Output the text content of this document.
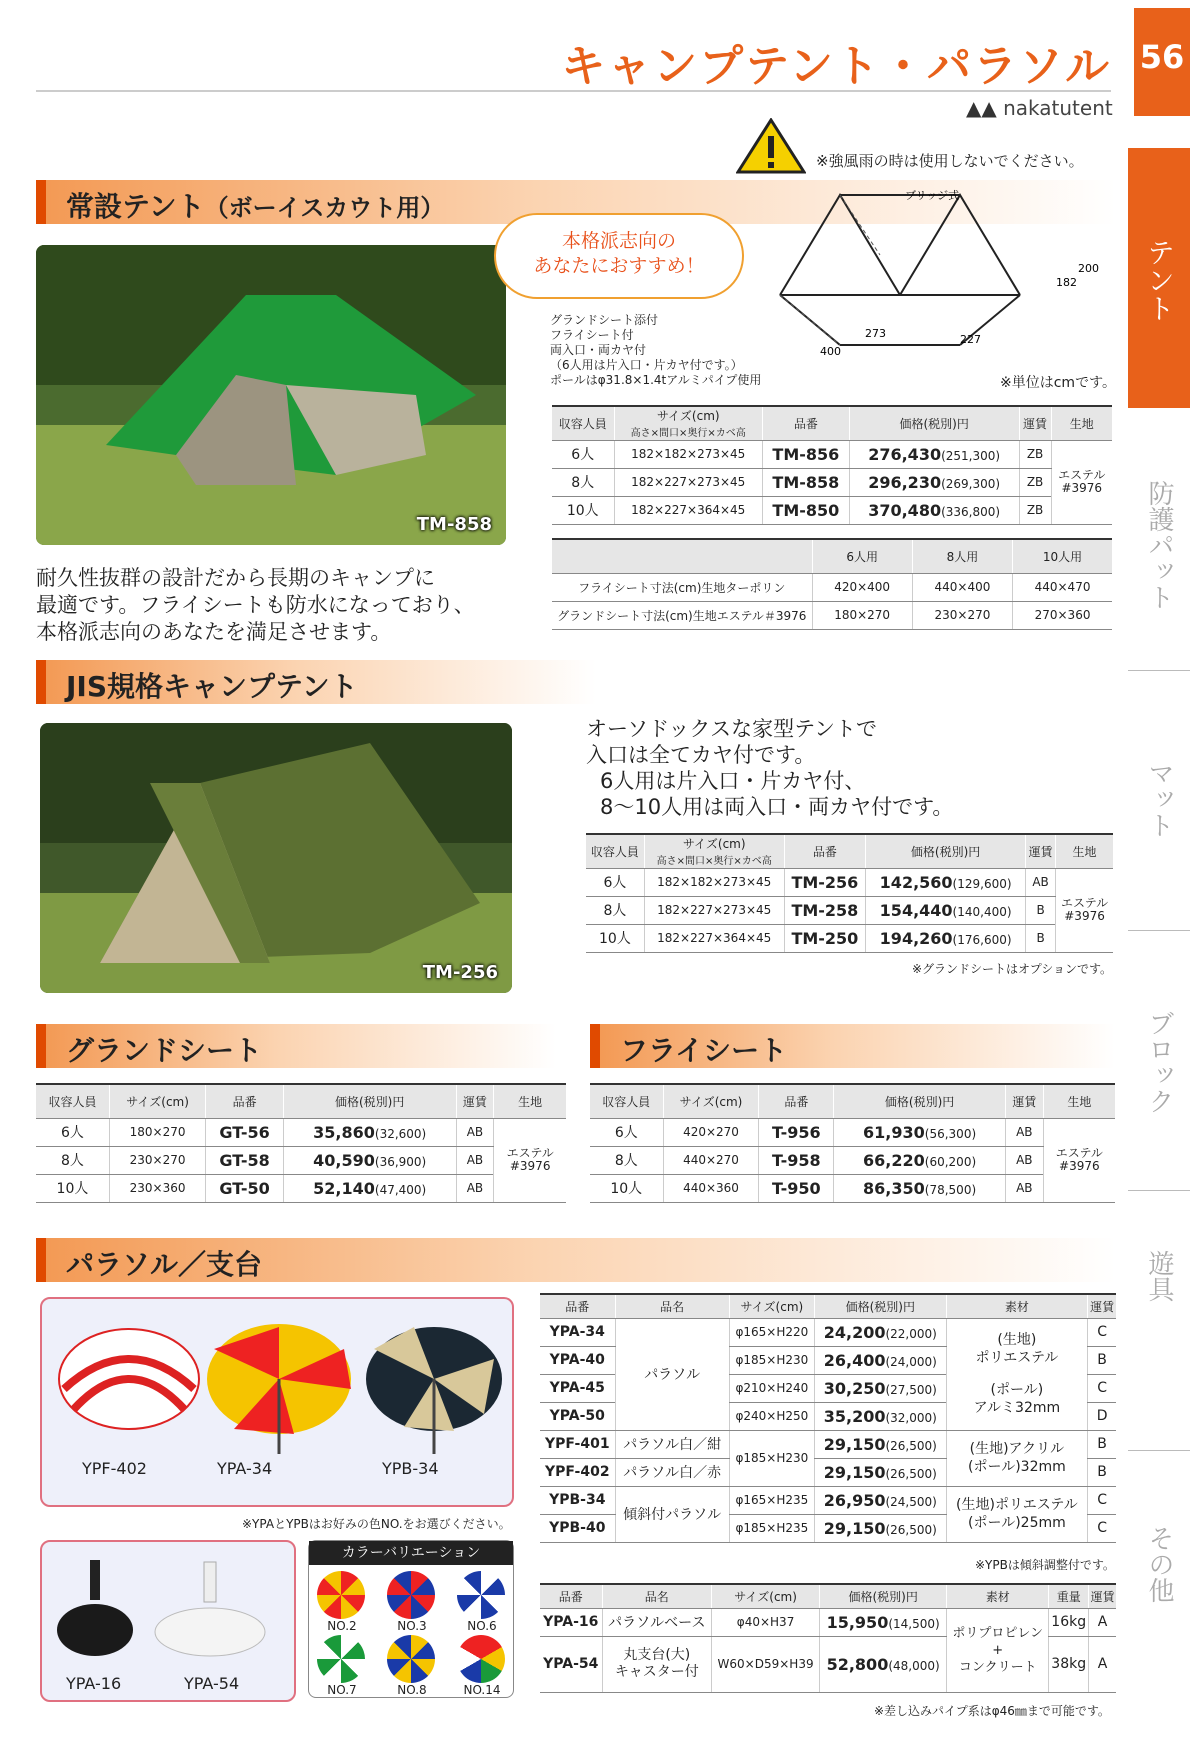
キャンプテント・パラソル 56
▲▲ nakatutent
※強風雨の時は使用しないでください。
テント
防護パット
マット
ブロック
遊具
その他
常設テント（ボーイスカウト用）
TM-858
耐久性抜群の設計だから長期のキャンプに
最適です。フライシートも防水になっており、
本格派志向のあなたを満足させます。
本格派志向の
あなたにおすすめ！
グランドシート添付
フライシート付
両入口・両カヤ付
（6人用は片入口・片カヤ付です。）
ポールはφ31.8×1.4tアルミパイプ使用
ブリッジ式
200
182
273
400
227
※単位はcmです。
収容人員	サイズ(cm)
高さ×間口×奥行×カベ高	品番	価格(税別)円	運賃	生地
6人	182×182×273×45	TM-856	276,430(251,300)	ZB	エステル
#3976

8人	182×227×273×45	TM-858	296,230(269,300)	ZB	
10人	182×227×364×45	TM-850	370,480(336,800)	ZB	
	6人用	8人用	10人用
フライシート寸法(cm)生地ターポリン	420×400	440×400	440×470
グランドシート寸法(cm)生地エステル＃3976	180×270	230×270	270×360
JIS規格キャンプテント
TM-256
オーソドックスな家型テントで
入口は全てカヤ付です。
6人用は片入口・片カヤ付、
8〜10人用は両入口・両カヤ付です。
収容人員	サイズ(cm)
高さ×間口×奥行×カベ高	品番	価格(税別)円	運賃	生地
6人	182×182×273×45	TM-256	142,560(129,600)	AB	エステル
#3976

8人	182×227×273×45	TM-258	154,440(140,400)	B	
10人	182×227×364×45	TM-250	194,260(176,600)	B	
※グランドシートはオプションです。
グランドシート	フライシート
収容人員	サイズ(cm)	品番	価格(税別)円	運賃	生地
6人	180×270	GT-56	35,860(32,600)	AB	エステル
#3976

8人	230×270	GT-58	40,590(36,900)	AB	
10人	230×360	GT-50	52,140(47,400)	AB	
収容人員	サイズ(cm)	品番	価格(税別)円	運賃	生地
6人	420×270	T-956	61,930(56,300)	AB	エステル
#3976

8人	440×270	T-958	66,220(60,200)	AB	
10人	440×360	T-950	86,350(78,500)	AB	
パラソル／支台
YPF-402	YPA-34	YPB-34
※YPAとYPBはお好みの色NO.をお選びください。
YPA-16	YPA-54
カラーバリエーション
NO.2	NO.3	NO.6
NO.7	NO.8	NO.14
品番	品名	サイズ(cm)	価格(税別)円	素材	運賃
YPA-34	パラソル	φ165×H220	24,200(22,000)	(生地)
ポリエステル
(ポール)
アルミ32mm	C
YPA-40		φ185×H230	26,400(24,000)		B
YPA-45		φ210×H240	30,250(27,500)		C
YPA-50		φ240×H250	35,200(32,000)		D
YPF-401	パラソル白／紺	φ185×H230	29,150(26,500)	(生地)アクリル
(ポール)32mm	B
YPF-402	パラソル白／赤		29,150(26,500)		B
YPB-34	傾斜付パラソル	φ165×H235	26,950(24,500)	(生地)ポリエステル
(ポール)25mm	C
YPB-40		φ185×H235	29,150(26,500)		C
※YPBは傾斜調整付です。
品番	品名	サイズ(cm)	価格(税別)円	素材	重量	運賃
YPA-16	パラソルベース	φ40×H37	15,950(14,500)	ポリプロピレン
+
コンクリート	16kg	A
YPA-54	丸支台(大)
キャスター付	W60×D59×H39	52,800(48,000)		38kg	A
※差し込みパイプ系はφ46㎜まで可能です。
